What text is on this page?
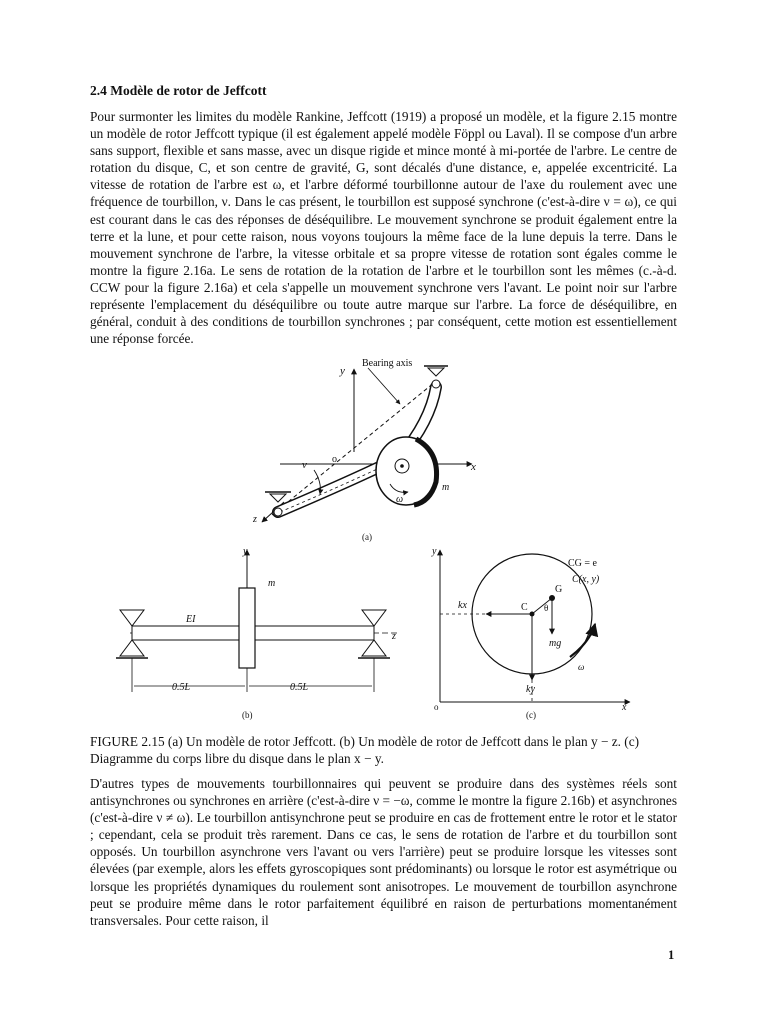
2.4 Modèle de rotor de Jeffcott
Pour surmonter les limites du modèle Rankine, Jeffcott (1919) a proposé un modèle, et la figure 2.15 montre un modèle de rotor Jeffcott typique (il est également appelé modèle Föppl ou Laval). Il se compose d'un arbre sans support, flexible et sans masse, avec un disque rigide et mince monté à mi-portée de l'arbre. Le centre de rotation du disque, C, et son centre de gravité, G, sont décalés d'une distance, e, appelée excentricité. La vitesse de rotation de l'arbre est ω, et l'arbre déformé tourbillonne autour de l'axe du roulement avec une fréquence de tourbillon, ν. Dans le cas présent, le tourbillon est supposé synchrone (c'est-à-dire ν = ω), ce qui est courant dans le cas des réponses de déséquilibre. Le mouvement synchrone se produit également entre la terre et la lune, et pour cette raison, nous voyons toujours la même face de la lune depuis la terre. Dans le mouvement synchrone de l'arbre, la vitesse orbitale et sa propre vitesse de rotation sont égales comme le montre la figure 2.16a. Le sens de rotation de la rotation de l'arbre et le tourbillon sont les mêmes (c.-à-d. CCW pour la figure 2.16a) et cela s'appelle un mouvement synchrone vers l'avant. Le point noir sur l'arbre représente l'emplacement du déséquilibre ou toute autre marque sur l'arbre. La force de déséquilibre, en général, conduit à des conditions de tourbillon synchrones ; par conséquent, cette motion est essentiellement une réponse forcée.
y
x
o
Bearing axis
z
ν
ω
m
(a)
y
z
m
EI
0.5L	0.5L
(b)
y
x
o
C
G
θ
kx
ky
mg
ω
CG = e
C(x, y)
(c)
FIGURE 2.15 (a) Un modèle de rotor Jeffcott. (b) Un modèle de rotor de Jeffcott dans le plan y − z. (c) Diagramme du corps libre du disque dans le plan x − y.
D'autres types de mouvements tourbillonnaires qui peuvent se produire dans des systèmes réels sont antisynchrones ou synchrones en arrière (c'est-à-dire ν = −ω, comme le montre la figure 2.16b) et asynchrones (c'est-à-dire ν ≠ ω). Le tourbillon antisynchrone peut se produire en cas de frottement entre le rotor et le stator ; cependant, cela se produit très rarement. Dans ce cas, le sens de rotation de l'arbre et du tourbillon sont opposés. Un tourbillon asynchrone vers l'avant ou vers l'arrière) peut se produire lorsque les vitesses sont élevées (par exemple, alors les effets gyroscopiques sont prédominants) ou lorsque le rotor est asymétrique ou lorsque les propriétés dynamiques du roulement sont anisotropes. Le mouvement de tourbillon asynchrone peut se produire même dans le rotor parfaitement équilibré en raison de perturbations momentanément transversales. Pour cette raison, il
1
